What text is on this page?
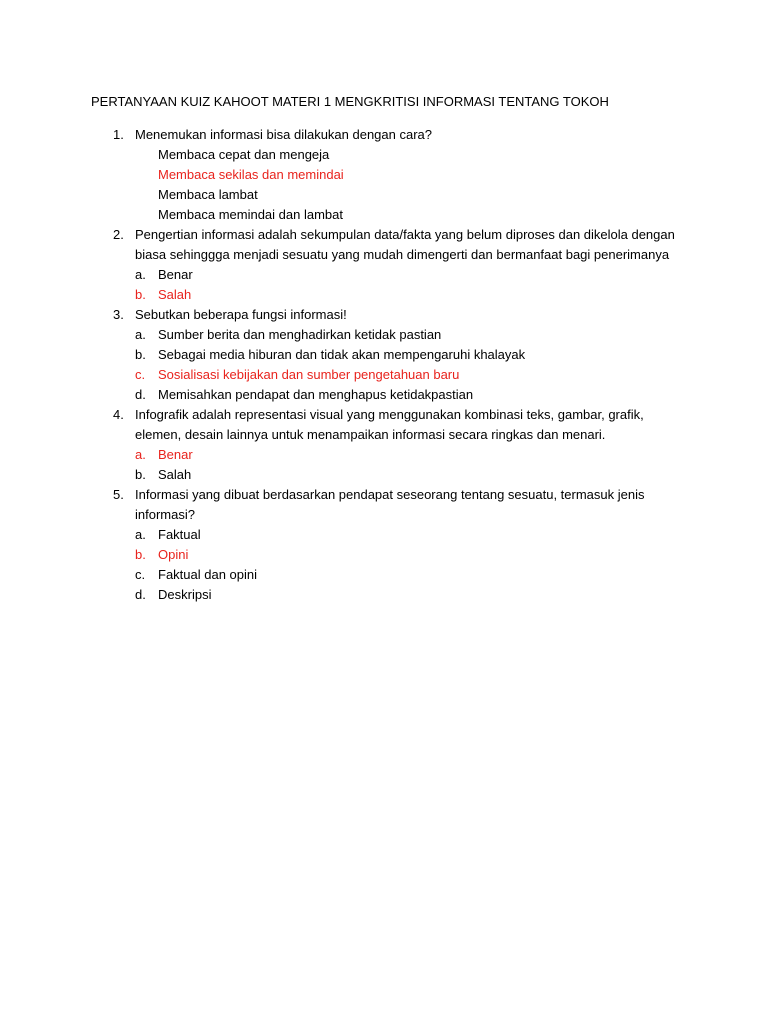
PERTANYAAN KUIZ KAHOOT MATERI 1 MENGKRITISI INFORMASI TENTANG TOKOH
1. Menemukan informasi bisa dilakukan dengan cara?
Membaca cepat dan mengeja
Membaca sekilas dan memindai
Membaca lambat
Membaca memindai dan lambat
2. Pengertian informasi adalah sekumpulan data/fakta yang belum diproses dan dikelola dengan biasa sehinggga menjadi sesuatu yang mudah dimengerti dan bermanfaat bagi penerimanya
a. Benar
b. Salah
3. Sebutkan beberapa fungsi informasi!
a. Sumber berita dan menghadirkan ketidak pastian
b. Sebagai media hiburan dan tidak akan mempengaruhi khalayak
c. Sosialisasi kebijakan dan sumber pengetahuan baru
d. Memisahkan pendapat dan menghapus ketidakpastian
4. Infografik adalah representasi visual yang menggunakan kombinasi teks, gambar, grafik, elemen, desain lainnya untuk menampaikan informasi secara ringkas dan menari.
a. Benar
b. Salah
5. Informasi yang dibuat berdasarkan pendapat seseorang tentang sesuatu, termasuk jenis informasi?
a. Faktual
b. Opini
c. Faktual dan opini
d. Deskripsi
